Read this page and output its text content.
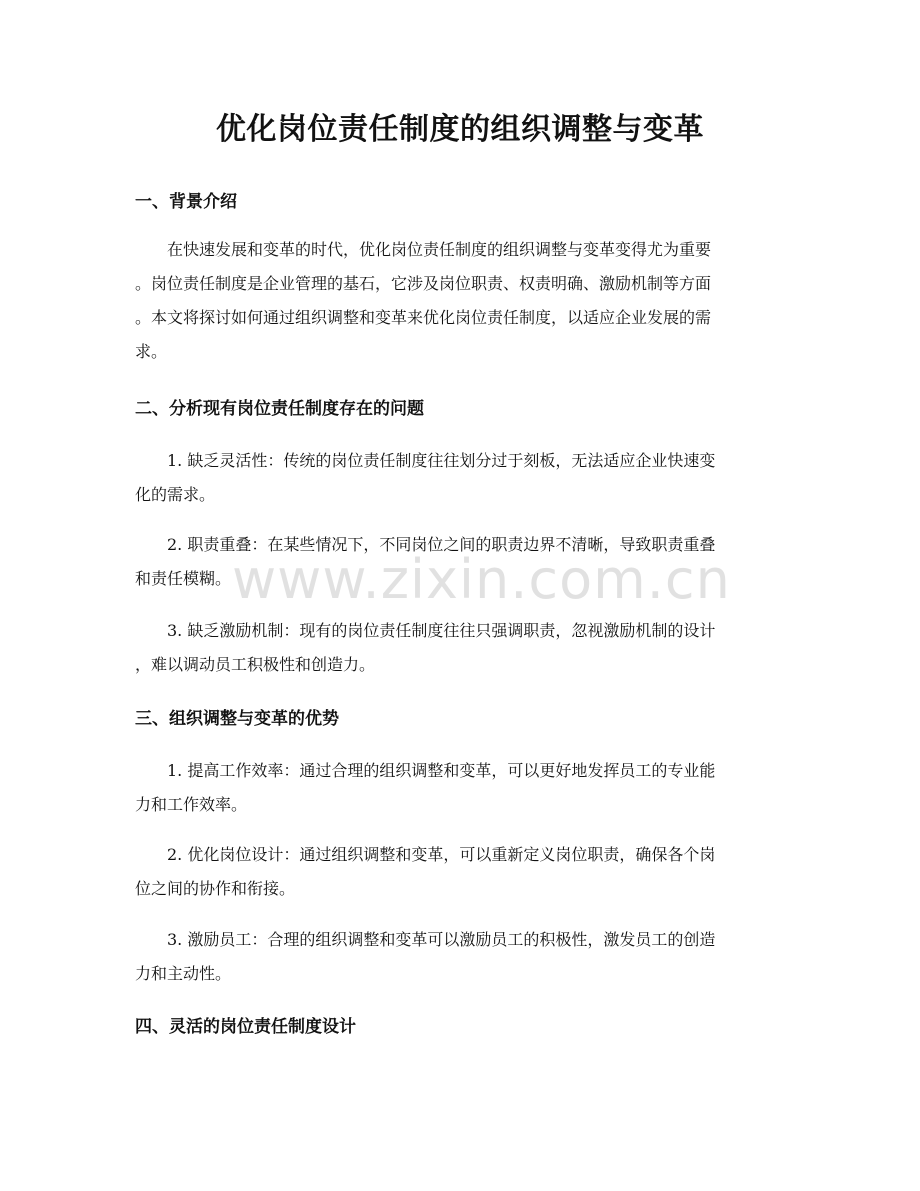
优化岗位责任制度的组织调整与变革
一、背景介绍

在快速发展和变革的时代，优化岗位责任制度的组织调整与变革变得尤为重要
。岗位责任制度是企业管理的基石，它涉及岗位职责、权责明确、激励机制等方面
。本文将探讨如何通过组织调整和变革来优化岗位责任制度，以适应企业发展的需
求。

二、分析现有岗位责任制度存在的问题

1. 缺乏灵活性：传统的岗位责任制度往往划分过于刻板，无法适应企业快速变
化的需求。

2. 职责重叠：在某些情况下，不同岗位之间的职责边界不清晰，导致职责重叠
和责任模糊。

3. 缺乏激励机制：现有的岗位责任制度往往只强调职责，忽视激励机制的设计
，难以调动员工积极性和创造力。

三、组织调整与变革的优势

1. 提高工作效率：通过合理的组织调整和变革，可以更好地发挥员工的专业能
力和工作效率。

2. 优化岗位设计：通过组织调整和变革，可以重新定义岗位职责，确保各个岗
位之间的协作和衔接。

3. 激励员工：合理的组织调整和变革可以激励员工的积极性，激发员工的创造
力和主动性。

四、灵活的岗位责任制度设计
www.zixin.com.cn
